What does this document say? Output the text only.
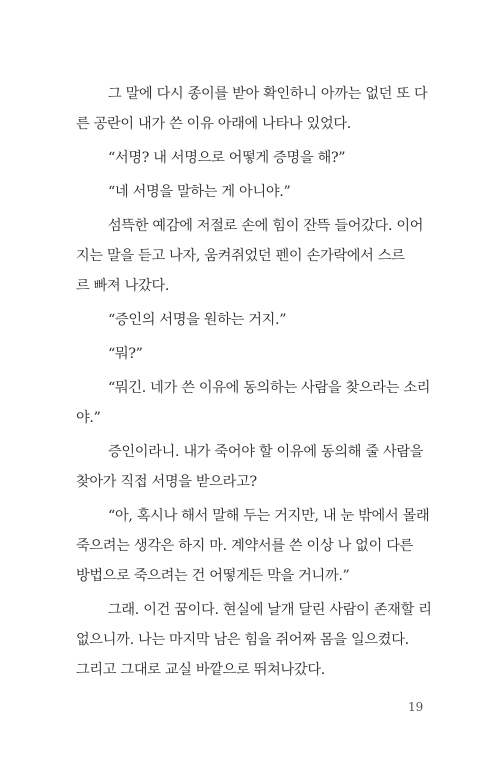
그 말에 다시 종이를 받아 확인하니 아까는 없던 또 다
른 공란이 내가 쓴 이유 아래에 나타나 있었다.

“서명? 내 서명으로 어떻게 증명을 해?”

“네 서명을 말하는 게 아니야.”

섬뜩한 예감에 저절로 손에 힘이 잔뜩 들어갔다. 이어
지는 말을 듣고 나자, 움켜쥐었던 펜이 손가락에서 스르
르 빠져 나갔다.

“증인의 서명을 원하는 거지.”

“뭐?”

“뭐긴. 네가 쓴 이유에 동의하는 사람을 찾으라는 소리
야.”

증인이라니. 내가 죽어야 할 이유에 동의해 줄 사람을
찾아가 직접 서명을 받으라고?

“아, 혹시나 해서 말해 두는 거지만, 내 눈 밖에서 몰래
죽으려는 생각은 하지 마. 계약서를 쓴 이상 나 없이 다른
방법으로 죽으려는 건 어떻게든 막을 거니까.”

그래. 이건 꿈이다. 현실에 날개 달린 사람이 존재할 리
없으니까. 나는 마지막 남은 힘을 쥐어짜 몸을 일으켰다.
그리고 그대로 교실 바깥으로 뛰쳐나갔다.

19
